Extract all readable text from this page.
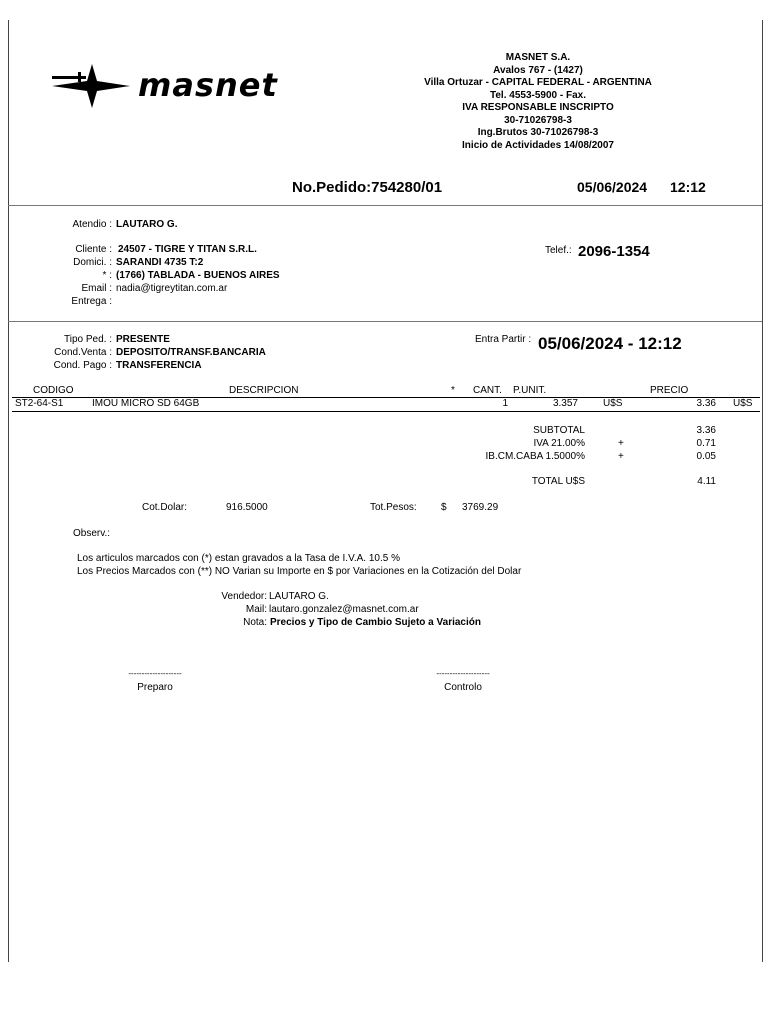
masnet
MASNET S.A.
Avalos 767 - (1427)
Villa Ortuzar - CAPITAL FEDERAL - ARGENTINA
Tel. 4553-5900 - Fax.
IVA RESPONSABLE INSCRIPTO
30-71026798-3
Ing.Brutos 30-71026798-3
Inicio de Actividades 14/08/2007
No.Pedido:754280/01	05/06/2024 12:12
Atendio : LAUTARO G.
Cliente : 24507 - TIGRE Y TITAN S.R.L.
Domici. : SARANDI 4735 T:2
* : (1766) TABLADA - BUENOS AIRES
Email : nadia@tigreytitan.com.ar
Entrega :
Telef.: 2096-1354
Tipo Ped. : PRESENTE
Cond.Venta : DEPOSITO/TRANSF.BANCARIA
Cond. Pago : TRANSFERENCIA
Entra Partir : 05/06/2024 - 12:12
CODIGO	DESCRIPCION	* CANT. P.UNIT.	PRECIO
ST2-64-S1	IMOU MICRO SD 64GB	1	3.357	U$S	3.36 U$S
SUBTOTAL	3.36
IVA 21.00%	+	0.71
IB.CM.CABA 1.5000%	+	0.05
TOTAL U$S	4.11
Cot.Dolar:	916.5000	Tot.Pesos: $ 3769.29
Observ.:
Los articulos marcados con (*) estan gravados a la Tasa de I.V.A. 10.5 %
Los Precios Marcados con (**) NO Varian su Importe en $ por Variaciones en la Cotización del Dolar
Vendedor: LAUTARO G.
Mail: lautaro.gonzalez@masnet.com.ar
Nota: Precios y Tipo de Cambio Sujeto a Variación
--------------------
Preparo
--------------------
Controlo
